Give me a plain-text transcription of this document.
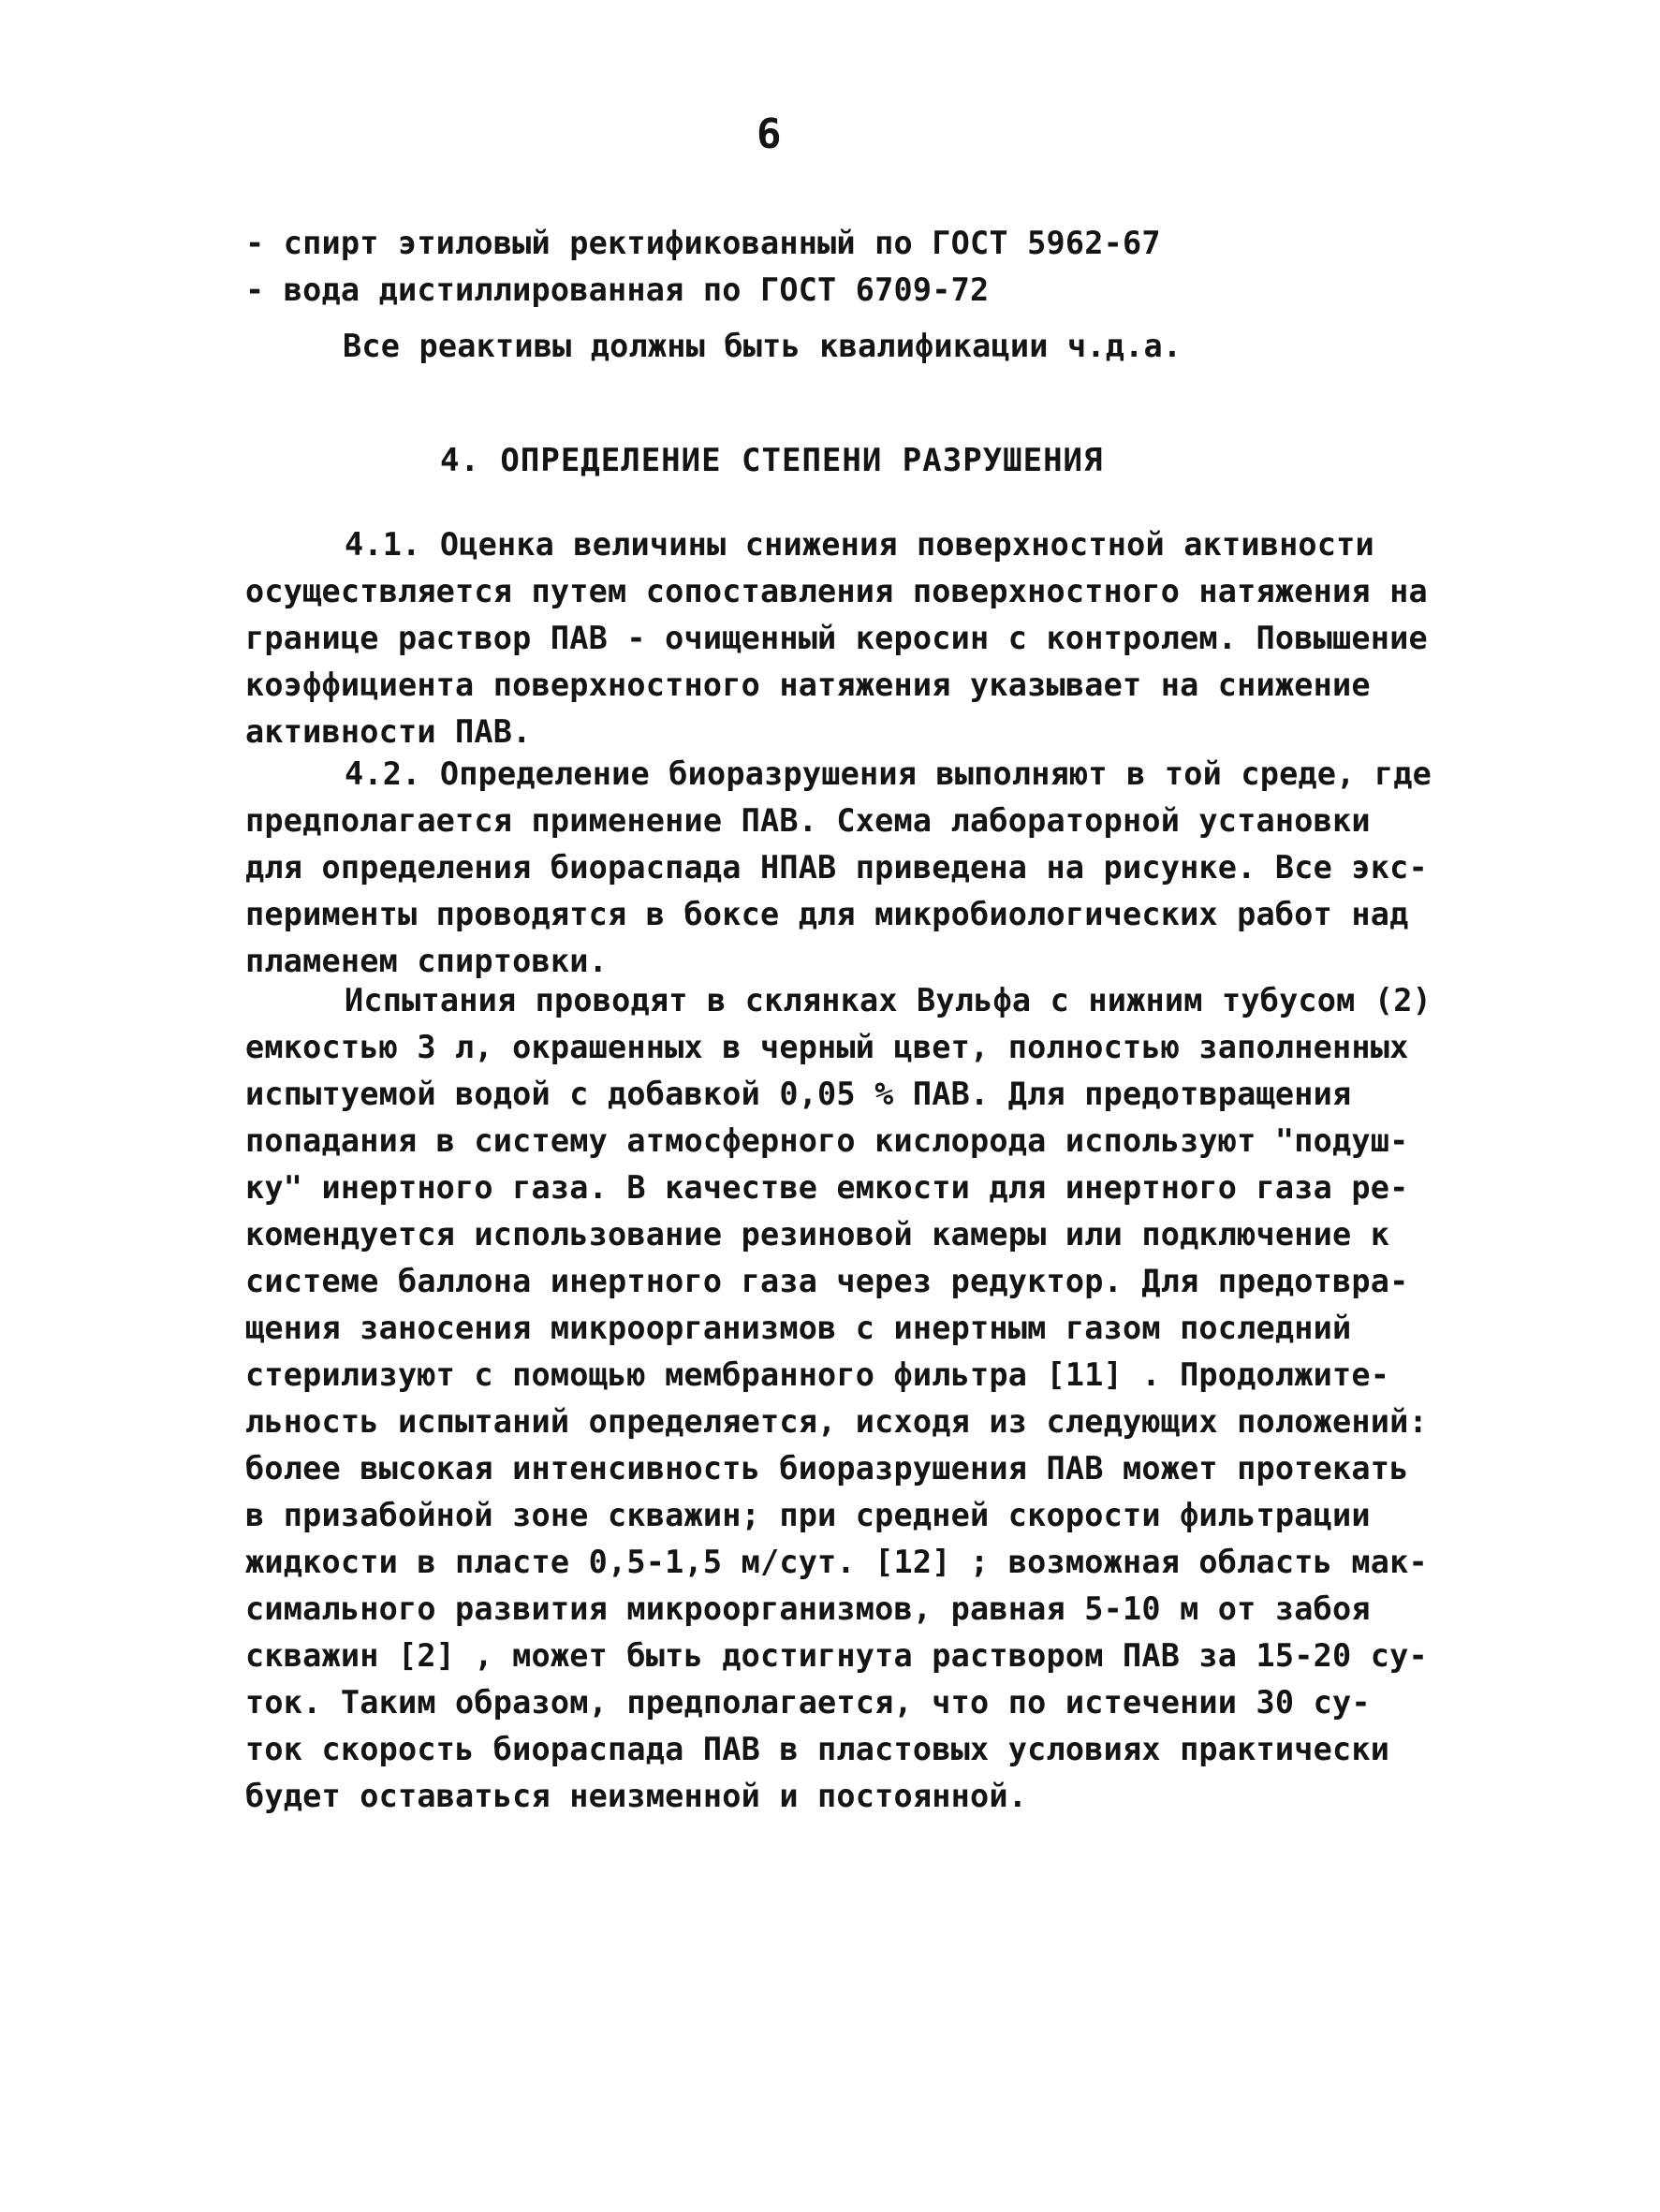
6
- спирт этиловый ректификованный по ГОСТ 5962-67
- вода дистиллированная по ГОСТ 6709-72
Все реактивы должны быть квалификации ч.д.а.
4. ОПРЕДЕЛЕНИЕ СТЕПЕНИ РАЗРУШЕНИЯ
4.1. Оценка величины снижения поверхностной активности
осуществляется путем сопоставления поверхностного натяжения на
границе раствор ПАВ - очищенный керосин с контролем. Повышение
коэффициента поверхностного натяжения указывает на снижение
активности ПАВ.
4.2. Определение биоразрушения выполняют в той среде, где
предполагается применение ПАВ. Схема лабораторной установки
для определения биораспада НПАВ приведена на рисунке. Все экс-
перименты проводятся в боксе для микробиологических работ над
пламенем спиртовки.
Испытания проводят в склянках Вульфа с нижним тубусом (2)
емкостью 3 л, окрашенных в черный цвет, полностью заполненных
испытуемой водой с добавкой 0,05 % ПАВ. Для предотвращения
попадания в систему атмосферного кислорода используют "подуш-
ку" инертного газа. В качестве емкости для инертного газа ре-
комендуется использование резиновой камеры или подключение к
системе баллона инертного газа через редуктор. Для предотвра-
щения заносения микроорганизмов с инертным газом последний
стерилизуют с помощью мембранного фильтра [11] . Продолжите-
льность испытаний определяется, исходя из следующих положений:
более высокая интенсивность биоразрушения ПАВ может протекать
в призабойной зоне скважин; при средней скорости фильтрации
жидкости в пласте 0,5-1,5 м/сут. [12] ; возможная область мак-
симального развития микроорганизмов, равная 5-10 м от забоя
скважин [2] , может быть достигнута раствором ПАВ за 15-20 су-
ток. Таким образом, предполагается, что по истечении 30 су-
ток скорость биораспада ПАВ в пластовых условиях практически
будет оставаться неизменной и постоянной.
